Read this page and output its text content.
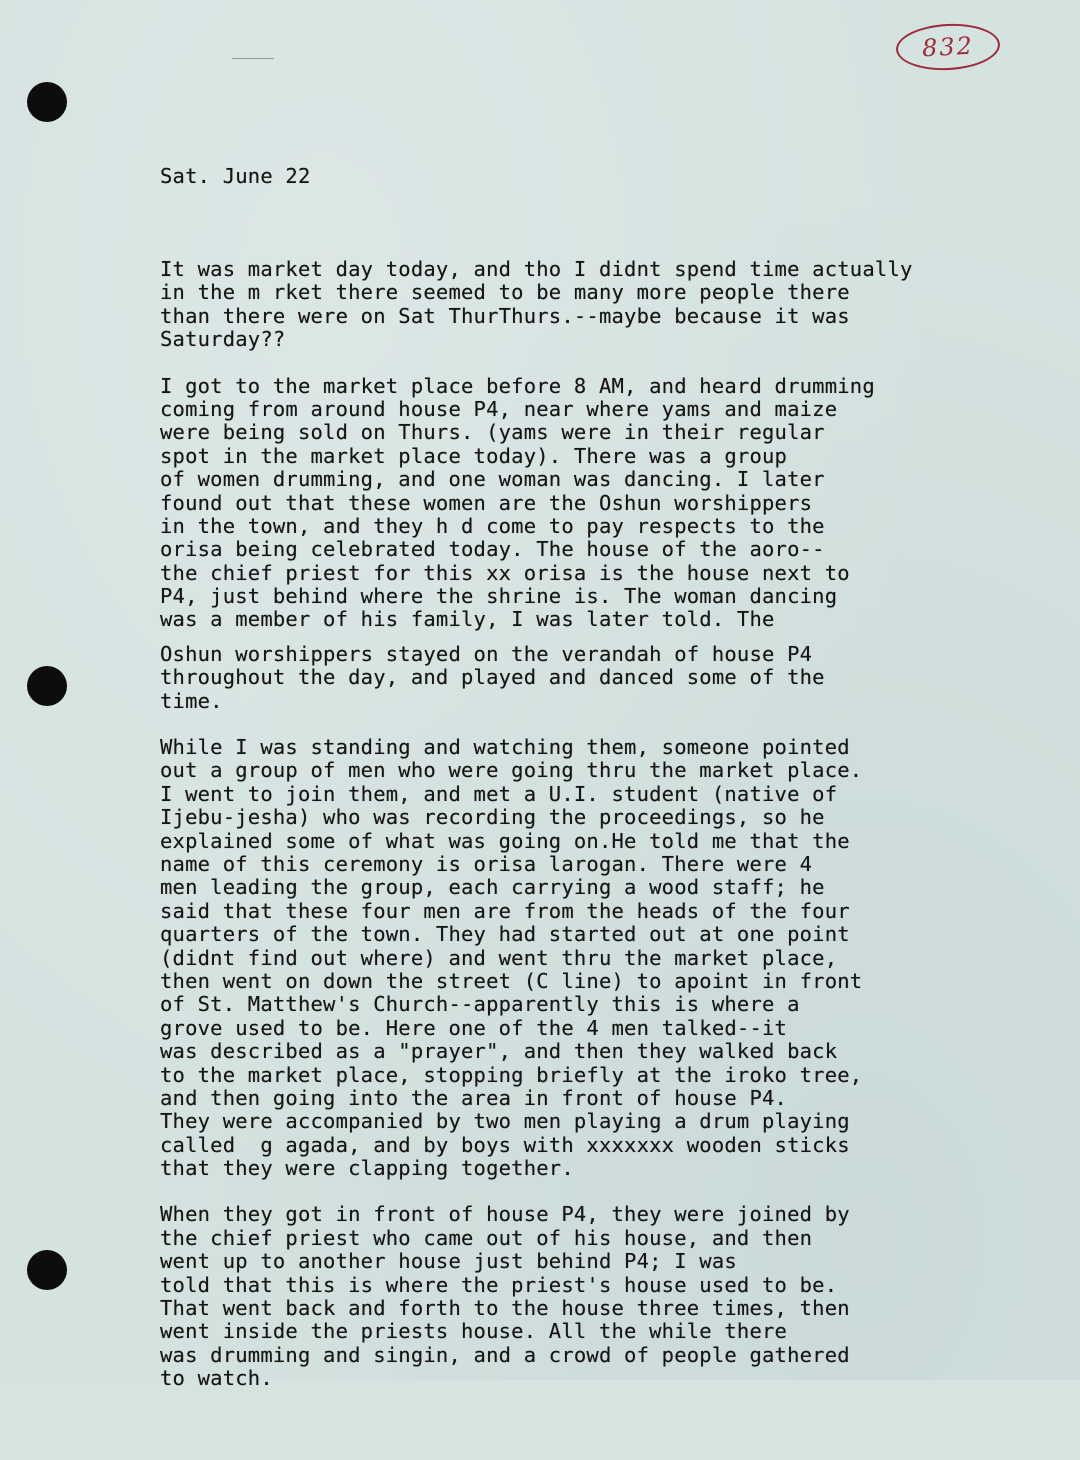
832

Sat. June 22

It was market day today, and tho I didnt spend time actually
in the m rket there seemed to be many more people there
than there were on Sat ThurThurs.--maybe because it was
Saturday??
I got to the market place before 8 AM, and heard drumming
coming from around house P4, near where yams and maize
were being sold on Thurs. (yams were in their regular
spot in the market place today). There was a group
of women drumming, and one woman was dancing. I later
found out that these women are the Oshun worshippers
in the town, and they h d come to pay respects to the
orisa being celebrated today. The house of the aoro--
the chief priest for this xx orisa is the house next to
P4, just behind where the shrine is. The woman dancing
was a member of his family, I was later told. The
Oshun worshippers stayed on the verandah of house P4
throughout the day, and played and danced some of the
time.
While I was standing and watching them, someone pointed
out a group of men who were going thru the market place.
I went to join them, and met a U.I. student (native of
Ijebu-jesha) who was recording the proceedings, so he
explained some of what was going on.He told me that the
name of this ceremony is orisa larogan. There were 4
men leading the group, each carrying a wood staff; he
said that these four men are from the heads of the four
quarters of the town. They had started out at one point
(didnt find out where) and went thru the market place,
then went on down the street (C line) to apoint in front
of St. Matthew's Church--apparently this is where a
grove used to be. Here one of the 4 men talked--it
was described as a "prayer", and then they walked back
to the market place, stopping briefly at the iroko tree,
and then going into the area in front of house P4.
They were accompanied by two men playing a drum playing
called  g agada, and by boys with xxxxxxx wooden sticks
that they were clapping together.
When they got in front of house P4, they were joined by
the chief priest who came out of his house, and then
went up to another house just behind P4; I was
told that this is where the priest's house used to be.
That went back and forth to the house three times, then
went inside the priests house. All the while there
was drumming and singin, and a crowd of people gathered
to watch.
